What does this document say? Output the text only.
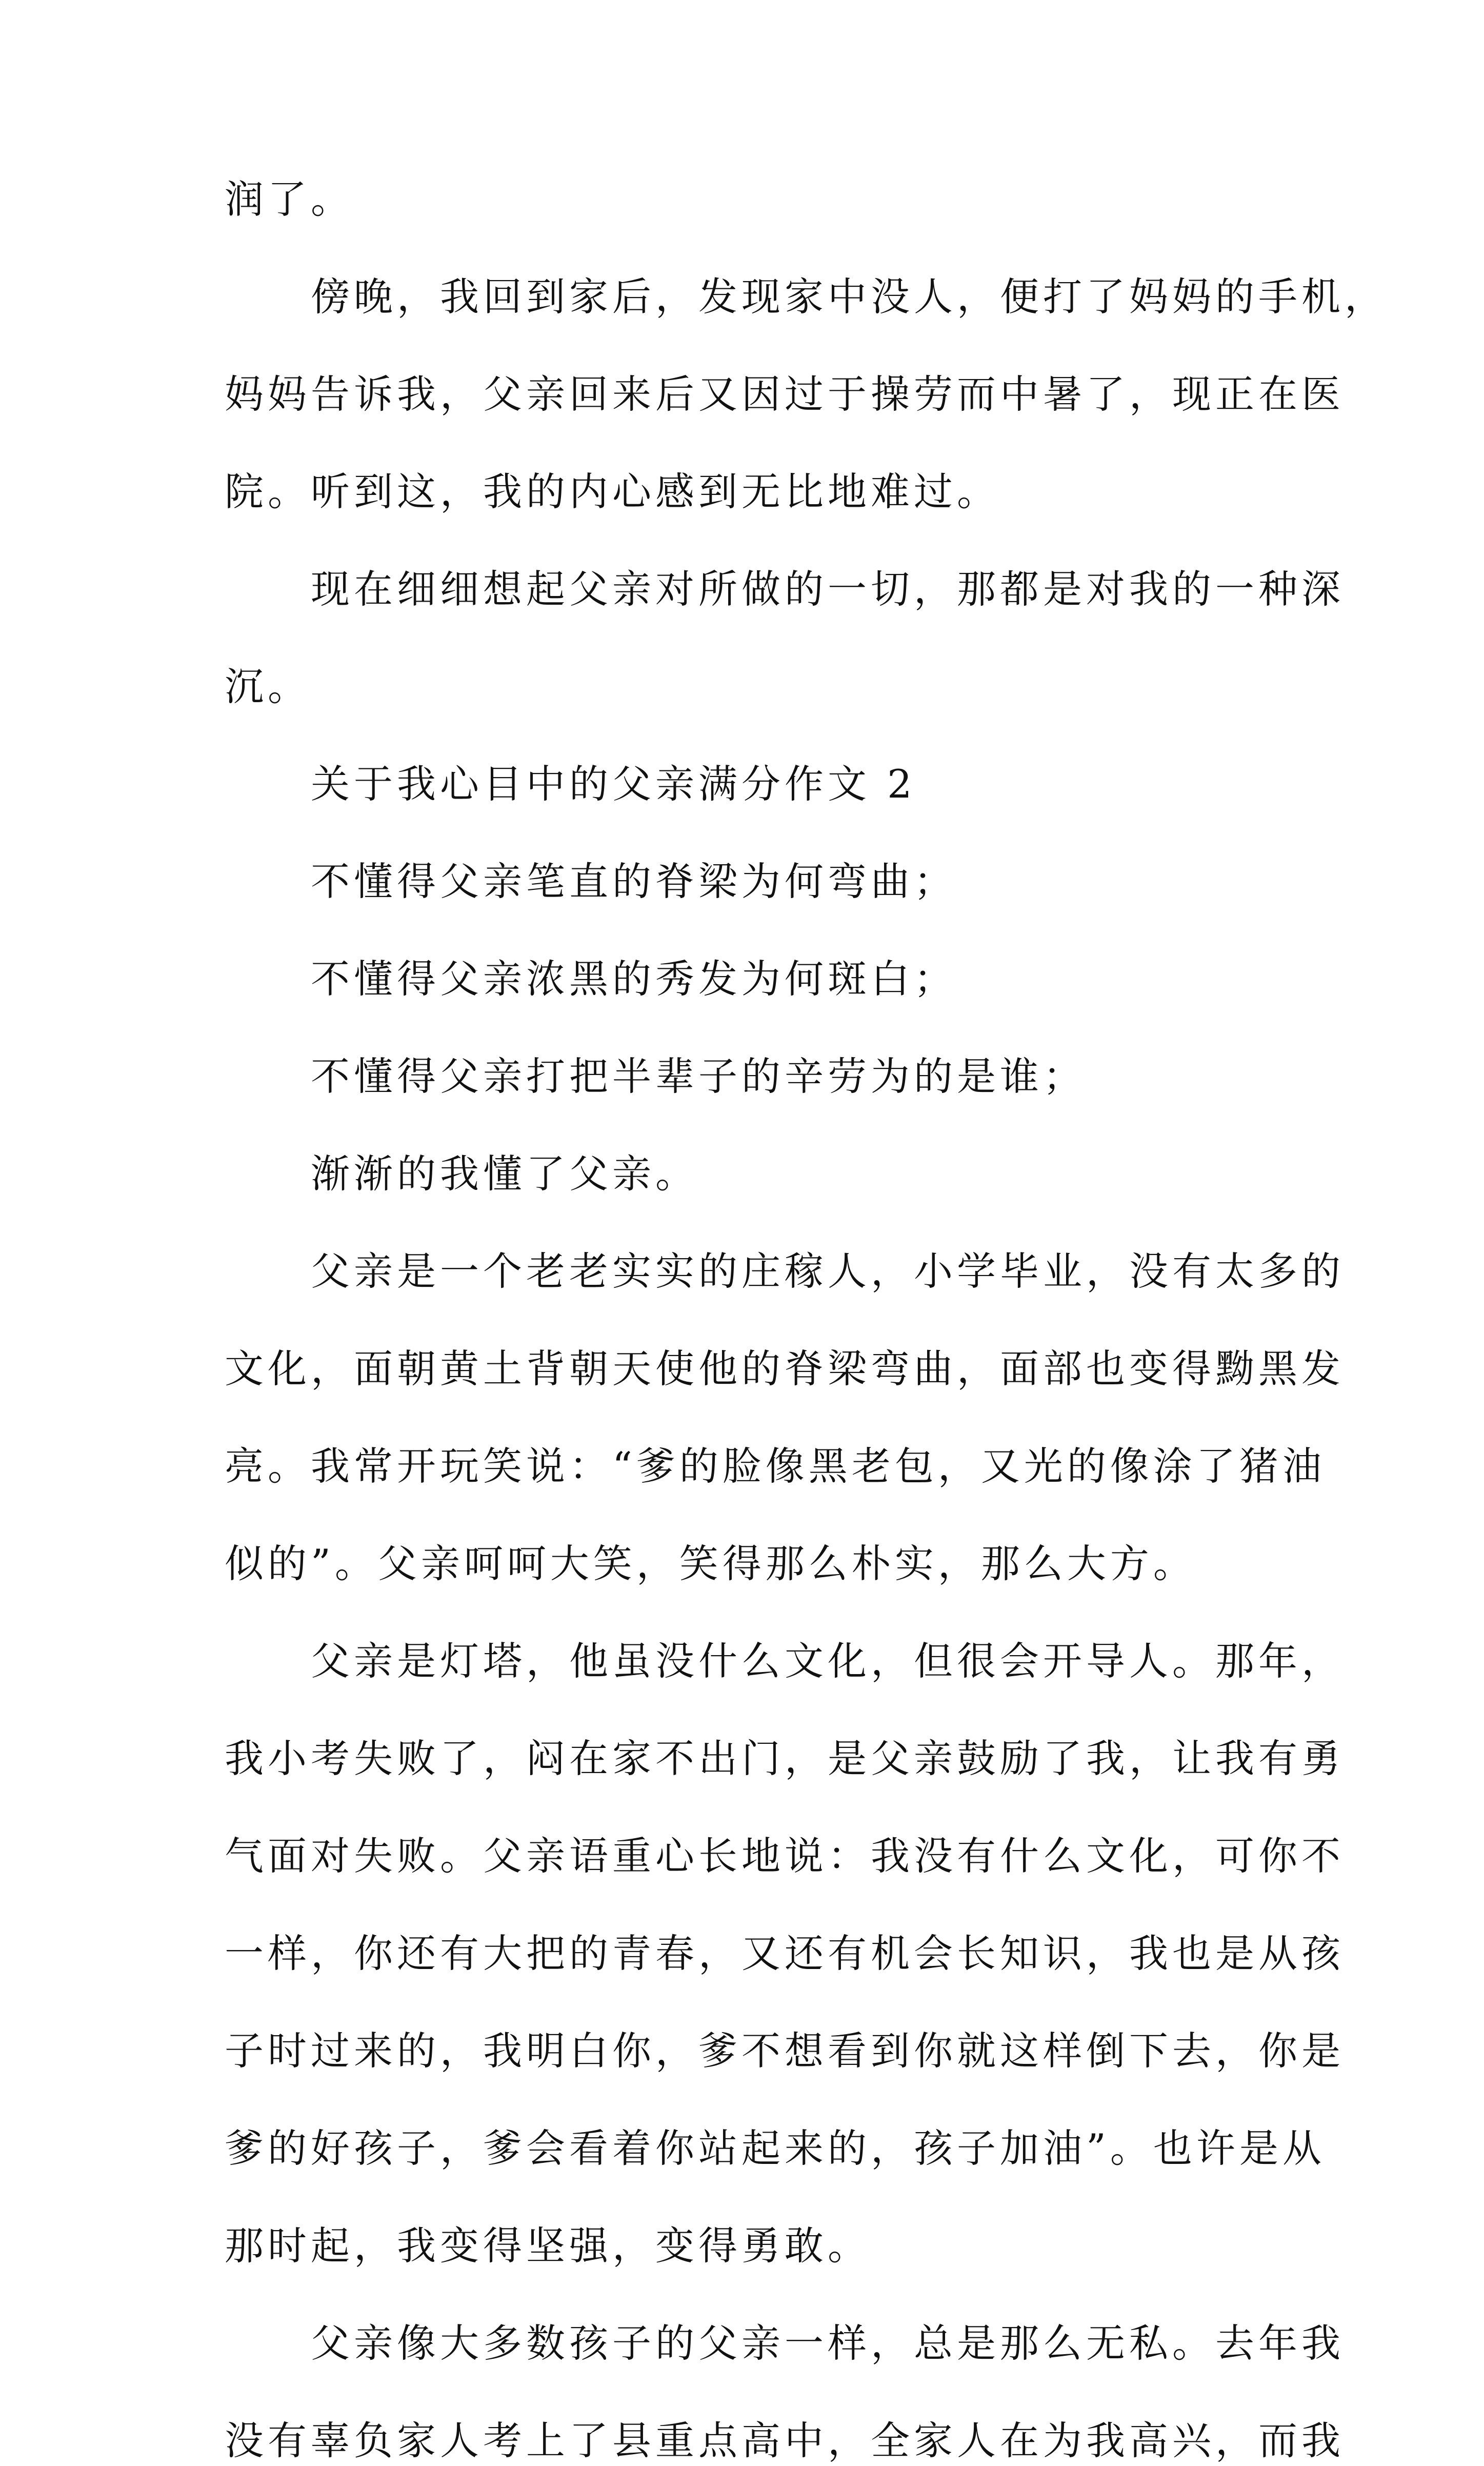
润了。
傍晚，我回到家后，发现家中没人，便打了妈妈的手机，
妈妈告诉我，父亲回来后又因过于操劳而中暑了，现正在医
院。听到这，我的内心感到无比地难过。
现在细细想起父亲对所做的一切，那都是对我的一种深
沉。
关于我心目中的父亲满分作文 2
不懂得父亲笔直的脊梁为何弯曲；
不懂得父亲浓黑的秀发为何斑白；
不懂得父亲打把半辈子的辛劳为的是谁；
渐渐的我懂了父亲。
父亲是一个老老实实的庄稼人，小学毕业，没有太多的
文化，面朝黄土背朝天使他的脊梁弯曲，面部也变得黝黑发
亮。我常开玩笑说：“爹的脸像黑老包，又光的像涂了猪油
似的”。父亲呵呵大笑，笑得那么朴实，那么大方。
父亲是灯塔，他虽没什么文化，但很会开导人。那年，
我小考失败了，闷在家不出门，是父亲鼓励了我，让我有勇
气面对失败。父亲语重心长地说：我没有什么文化，可你不
一样，你还有大把的青春，又还有机会长知识，我也是从孩
子时过来的，我明白你，爹不想看到你就这样倒下去，你是
爹的好孩子，爹会看着你站起来的，孩子加油”。也许是从
那时起，我变得坚强，变得勇敢。
父亲像大多数孩子的父亲一样，总是那么无私。去年我
没有辜负家人考上了县重点高中，全家人在为我高兴，而我
